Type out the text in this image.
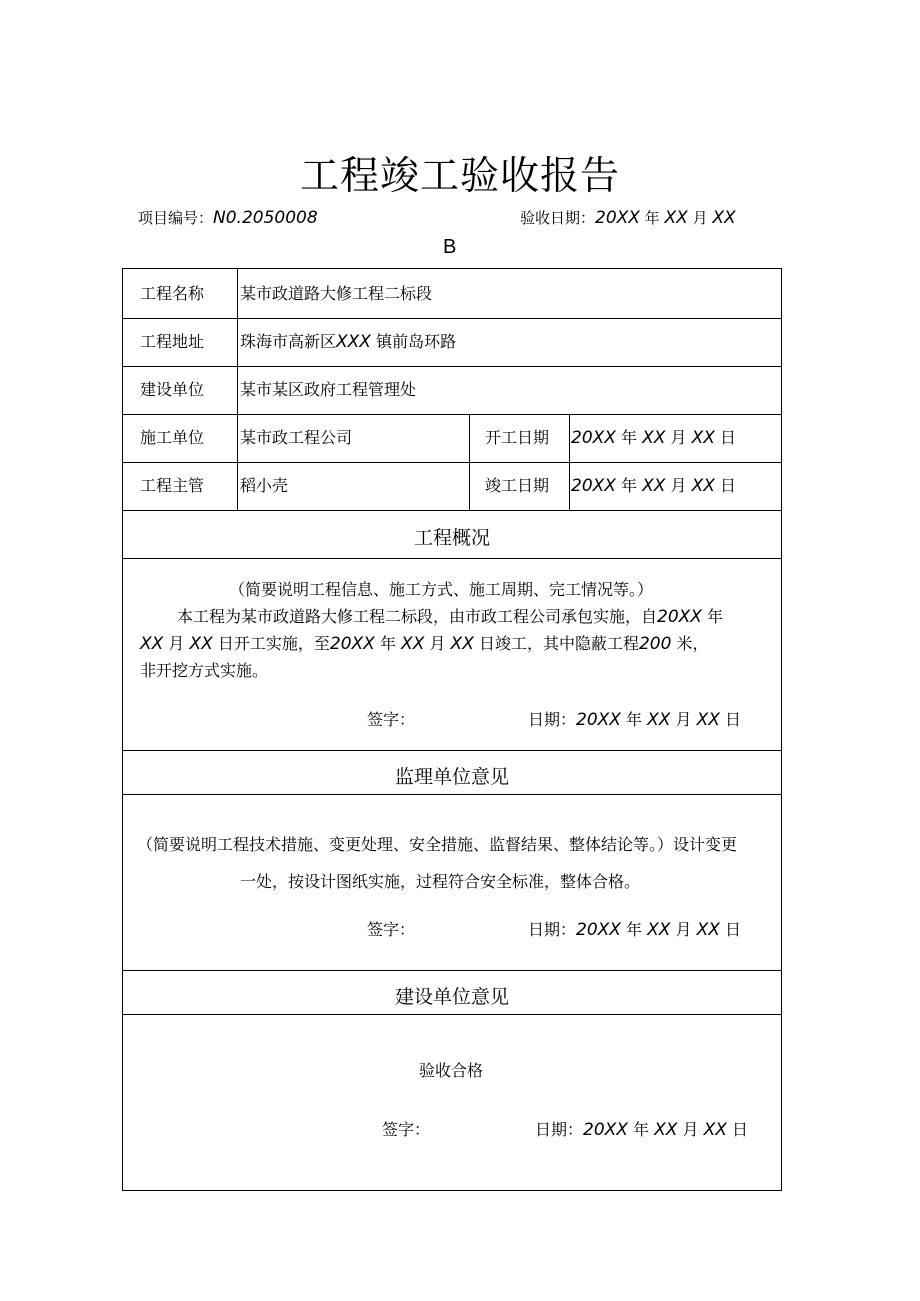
工程竣工验收报告
项目编号：N0.2050008	验收日期：20XX 年 XX 月 XX
B
工程名称 某市政道路大修工程二标段
工程地址 珠海市高新区XXX 镇前岛环路
建设单位 某市某区政府工程管理处
施工单位 某市政工程公司	开工日期 20XX 年 XX 月 XX 日
工程主管 稻小壳	竣工日期 20XX 年 XX 月 XX 日
工程概况
（简要说明工程信息、施工方式、施工周期、完工情况等。）
本工程为某市政道路大修工程二标段，由市政工程公司承包实施，自20XX 年
XX 月 XX 日开工实施，至20XX 年 XX 月 XX 日竣工，其中隐蔽工程200 米，
非开挖方式实施。
签字：	日期：20XX 年 XX 月 XX 日
监理单位意见
（简要说明工程技术措施、变更处理、安全措施、监督结果、整体结论等。）设计变更
一处，按设计图纸实施，过程符合安全标准，整体合格。
签字：	日期：20XX 年 XX 月 XX 日
建设单位意见
验收合格
签字：	日期：20XX 年 XX 月 XX 日
